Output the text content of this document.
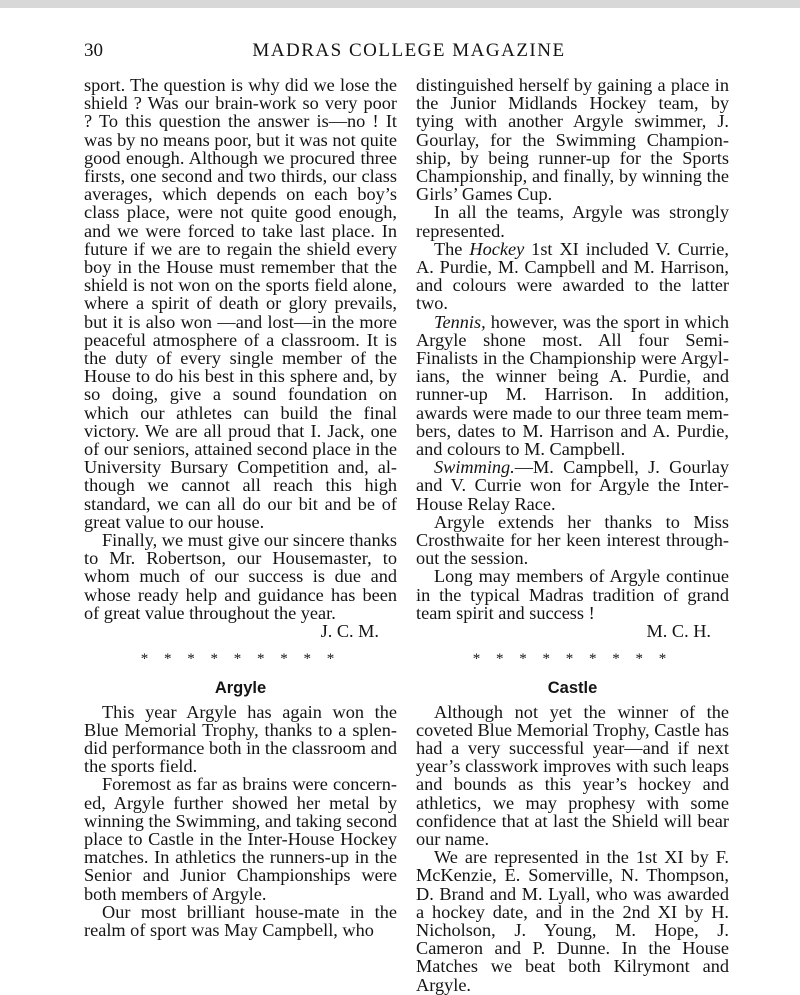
30	MADRAS COLLEGE MAGAZINE

sport. The question is why did we lose the shield ? Was our brain-work so very poor ? To this question the answer is—no ! It was by no means poor, but it was not quite good enough. Although we procured three firsts, one second and two thirds, our class averages, which depends on each boy’s class place, were not quite good enough, and we were forced to take last place. In future if we are to regain the shield every boy in the House must remember that the shield is not won on the sports field alone, where a spirit of death or glory prevails, but it is also won —and lost—in the more peaceful atmosphere of a classroom. It is the duty of every single member of the House to do his best in this sphere and, by so doing, give a sound foundation on which our athletes can build the final victory. We are all proud that I. Jack, one of our seniors, attained second place in the University Bursary Competition and, although we cannot all reach this high standard, we can all do our bit and be of great value to our house.

Finally, we must give our sincere thanks to Mr. Robertson, our Housemaster, to whom much of our success is due and whose ready help and guidance has been of great value throughout the year.

J. C. M.

* * * * * * * * *
Argyle

This year Argyle has again won the Blue Memorial Trophy, thanks to a splendid performance both in the classroom and the sports field.

Foremost as far as brains were concerned, Argyle further showed her metal by winning the Swimming, and taking second place to Castle in the Inter-House Hockey matches. In athletics the runners-up in the Senior and Junior Championships were both members of Argyle.

Our most brilliant house-mate in the realm of sport was May Campbell, who

distinguished herself by gaining a place in the Junior Midlands Hockey team, by tying with another Argyle swimmer, J. Gourlay, for the Swimming Championship, by being runner-up for the Sports Championship, and finally, by winning the Girls’ Games Cup.

In all the teams, Argyle was strongly represented.

The Hockey 1st XI included V. Currie, A. Purdie, M. Campbell and M. Harrison, and colours were awarded to the latter two.

Tennis, however, was the sport in which Argyle shone most. All four Semi-Finalists in the Championship were Argylians, the winner being A. Purdie, and runner-up M. Harrison. In addition, awards were made to our three team members, dates to M. Harrison and A. Purdie, and colours to M. Campbell.

Swimming.—M. Campbell, J. Gourlay and V. Currie won for Argyle the Inter-House Relay Race.

Argyle extends her thanks to Miss Crosthwaite for her keen interest throughout the session.

Long may members of Argyle continue in the typical Madras tradition of grand team spirit and success !

M. C. H.

* * * * * * * * *
Castle

Although not yet the winner of the coveted Blue Memorial Trophy, Castle has had a very successful year—and if next year’s classwork improves with such leaps and bounds as this year’s hockey and athletics, we may prophesy with some confidence that at last the Shield will bear our name.

We are represented in the 1st XI by F. McKenzie, E. Somerville, N. Thompson, D. Brand and M. Lyall, who was awarded a hockey date, and in the 2nd XI by H. Nicholson, J. Young, M. Hope, J. Cameron and P. Dunne. In the House Matches we beat both Kilrymont and Argyle.
